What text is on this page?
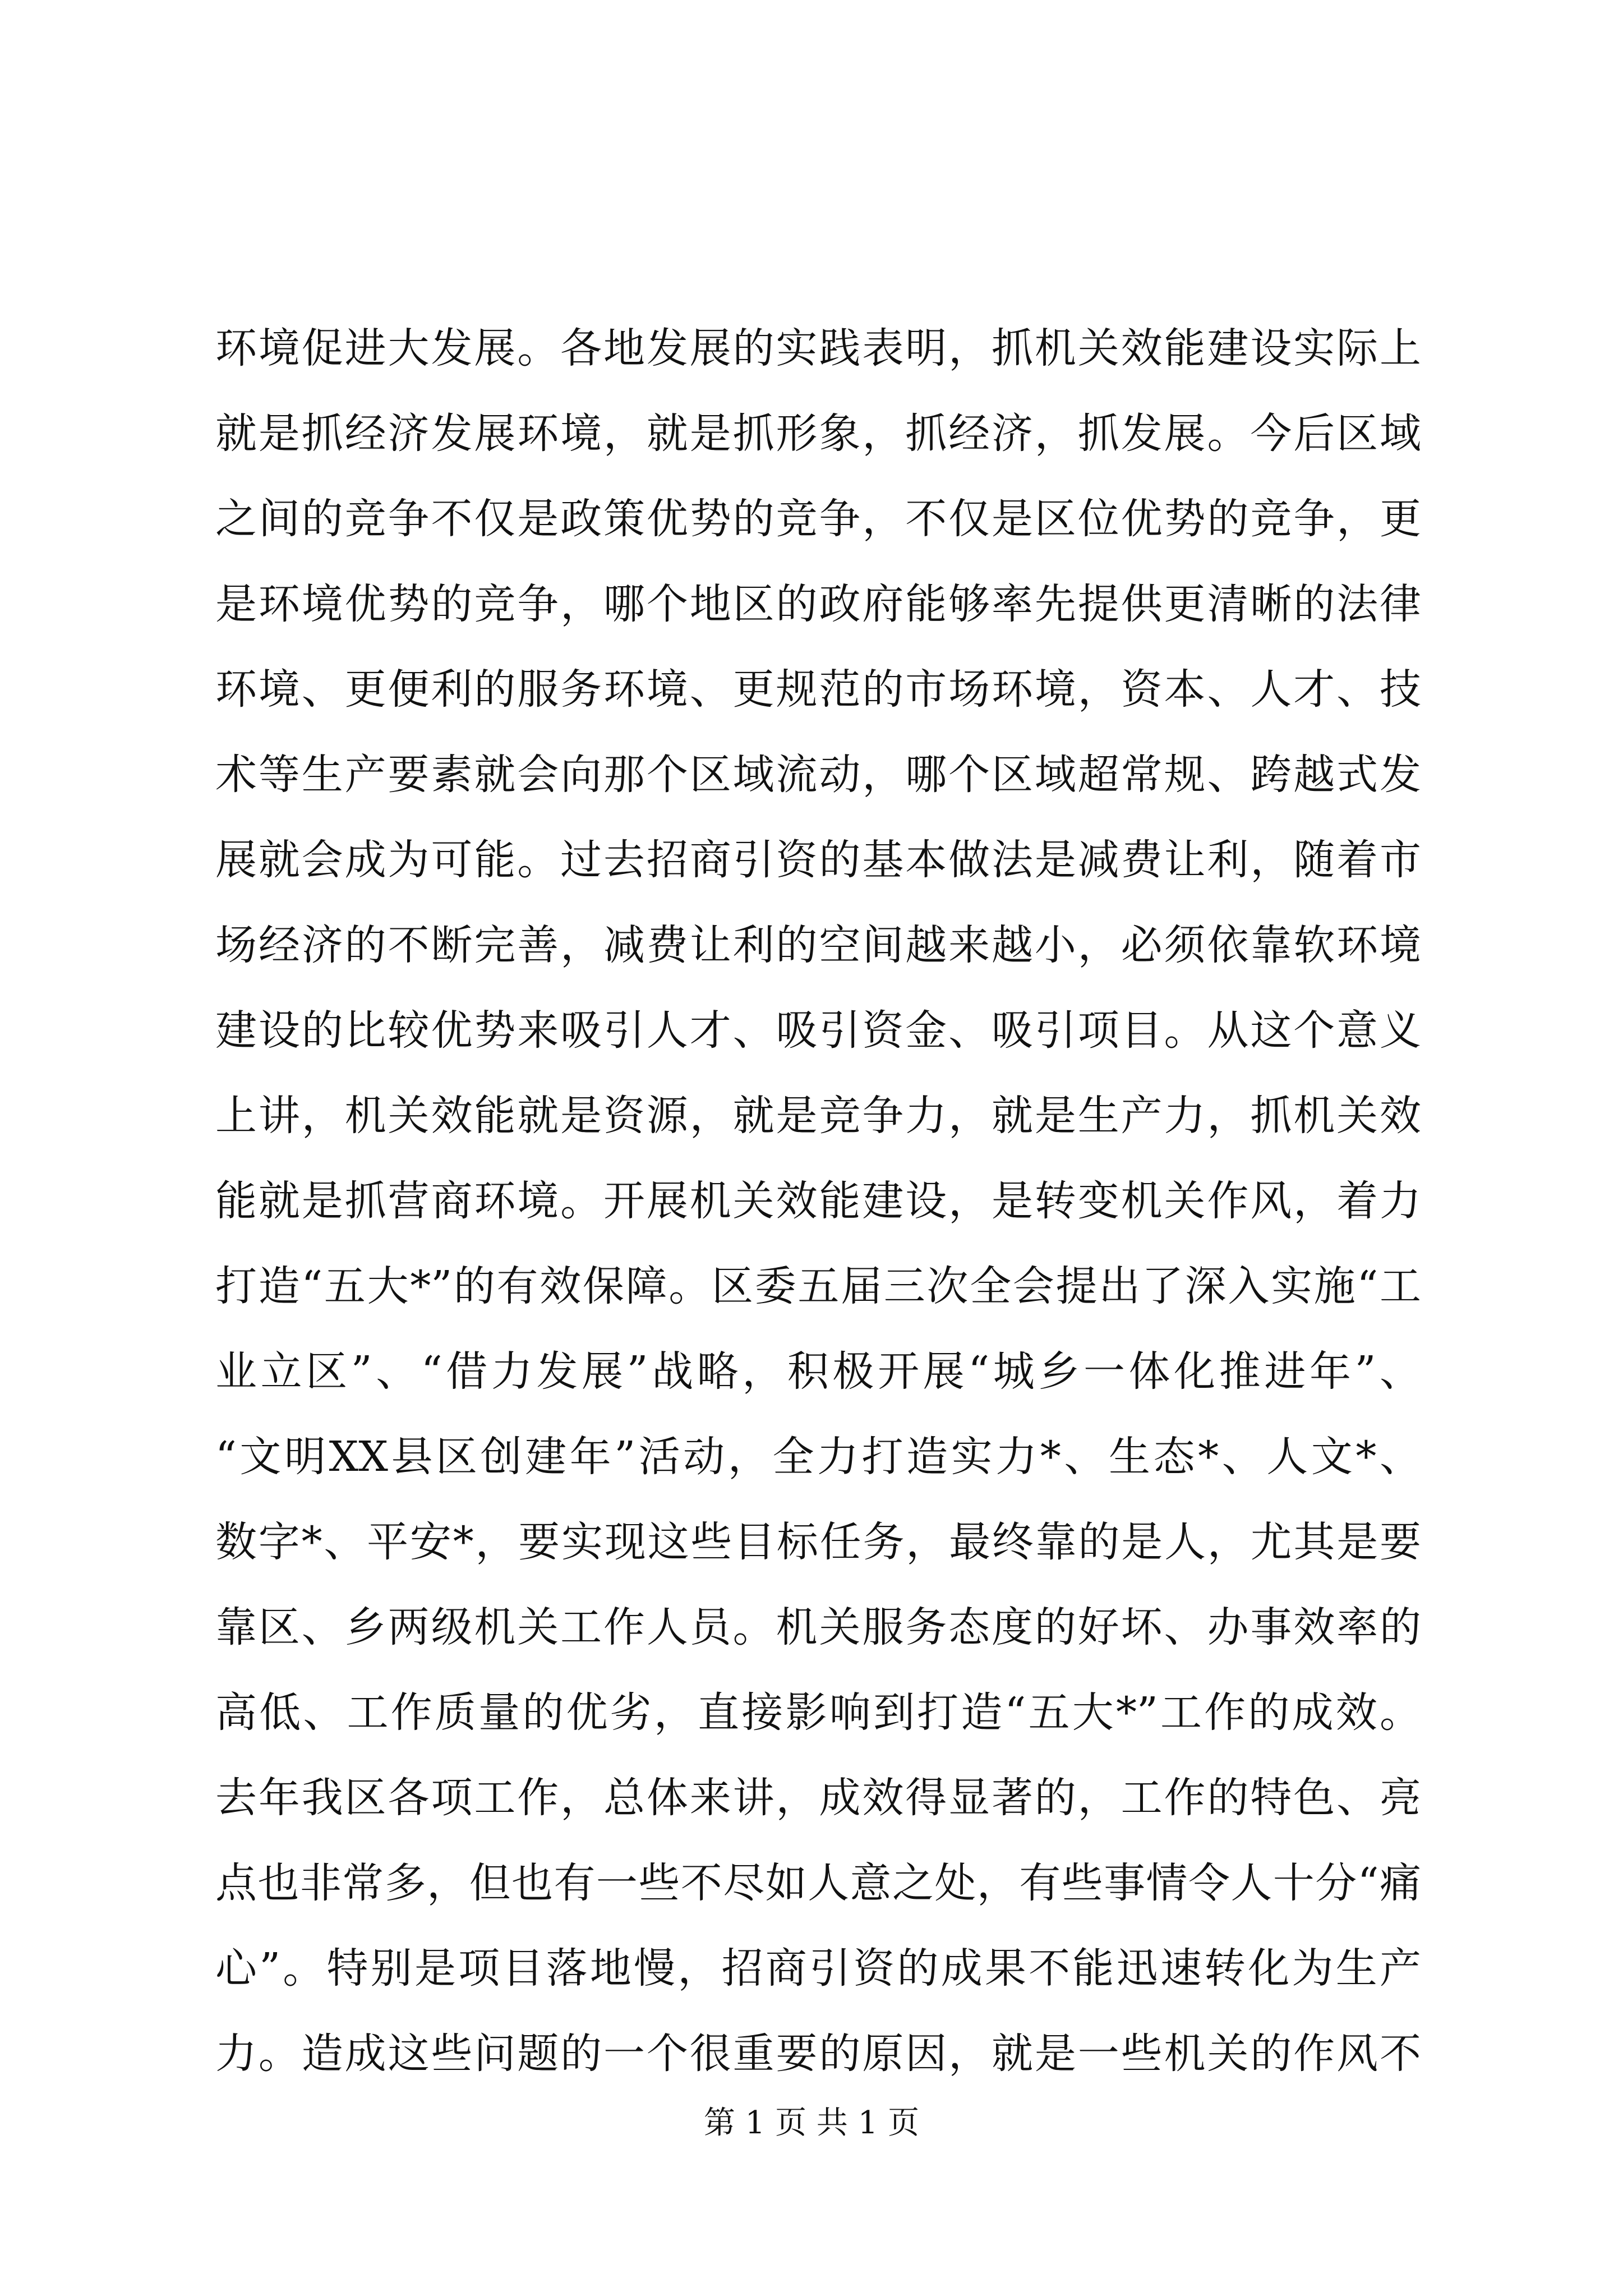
环境促进大发展。各地发展的实践表明，抓机关效能建设实际上
就是抓经济发展环境，就是抓形象，抓经济，抓发展。今后区域
之间的竞争不仅是政策优势的竞争，不仅是区位优势的竞争，更
是环境优势的竞争，哪个地区的政府能够率先提供更清晰的法律
环境、更便利的服务环境、更规范的市场环境，资本、人才、技
术等生产要素就会向那个区域流动，哪个区域超常规、跨越式发
展就会成为可能。过去招商引资的基本做法是减费让利，随着市
场经济的不断完善，减费让利的空间越来越小，必须依靠软环境
建设的比较优势来吸引人才、吸引资金、吸引项目。从这个意义
上讲，机关效能就是资源，就是竞争力，就是生产力，抓机关效
能就是抓营商环境。开展机关效能建设，是转变机关作风，着力
打造“五大*”的有效保障。区委五届三次全会提出了深入实施“工
业立区”、“借力发展”战略，积极开展“城乡一体化推进年”、
“文明XX县区创建年”活动，全力打造实力*、生态*、人文*、
数字*、平安*，要实现这些目标任务，最终靠的是人，尤其是要
靠区、乡两级机关工作人员。机关服务态度的好坏、办事效率的
高低、工作质量的优劣，直接影响到打造“五大*”工作的成效。
去年我区各项工作，总体来讲，成效得显著的，工作的特色、亮
点也非常多，但也有一些不尽如人意之处，有些事情令人十分“痛
心”。特别是项目落地慢，招商引资的成果不能迅速转化为生产
力。造成这些问题的一个很重要的原因，就是一些机关的作风不
第 1 页 共 1 页
